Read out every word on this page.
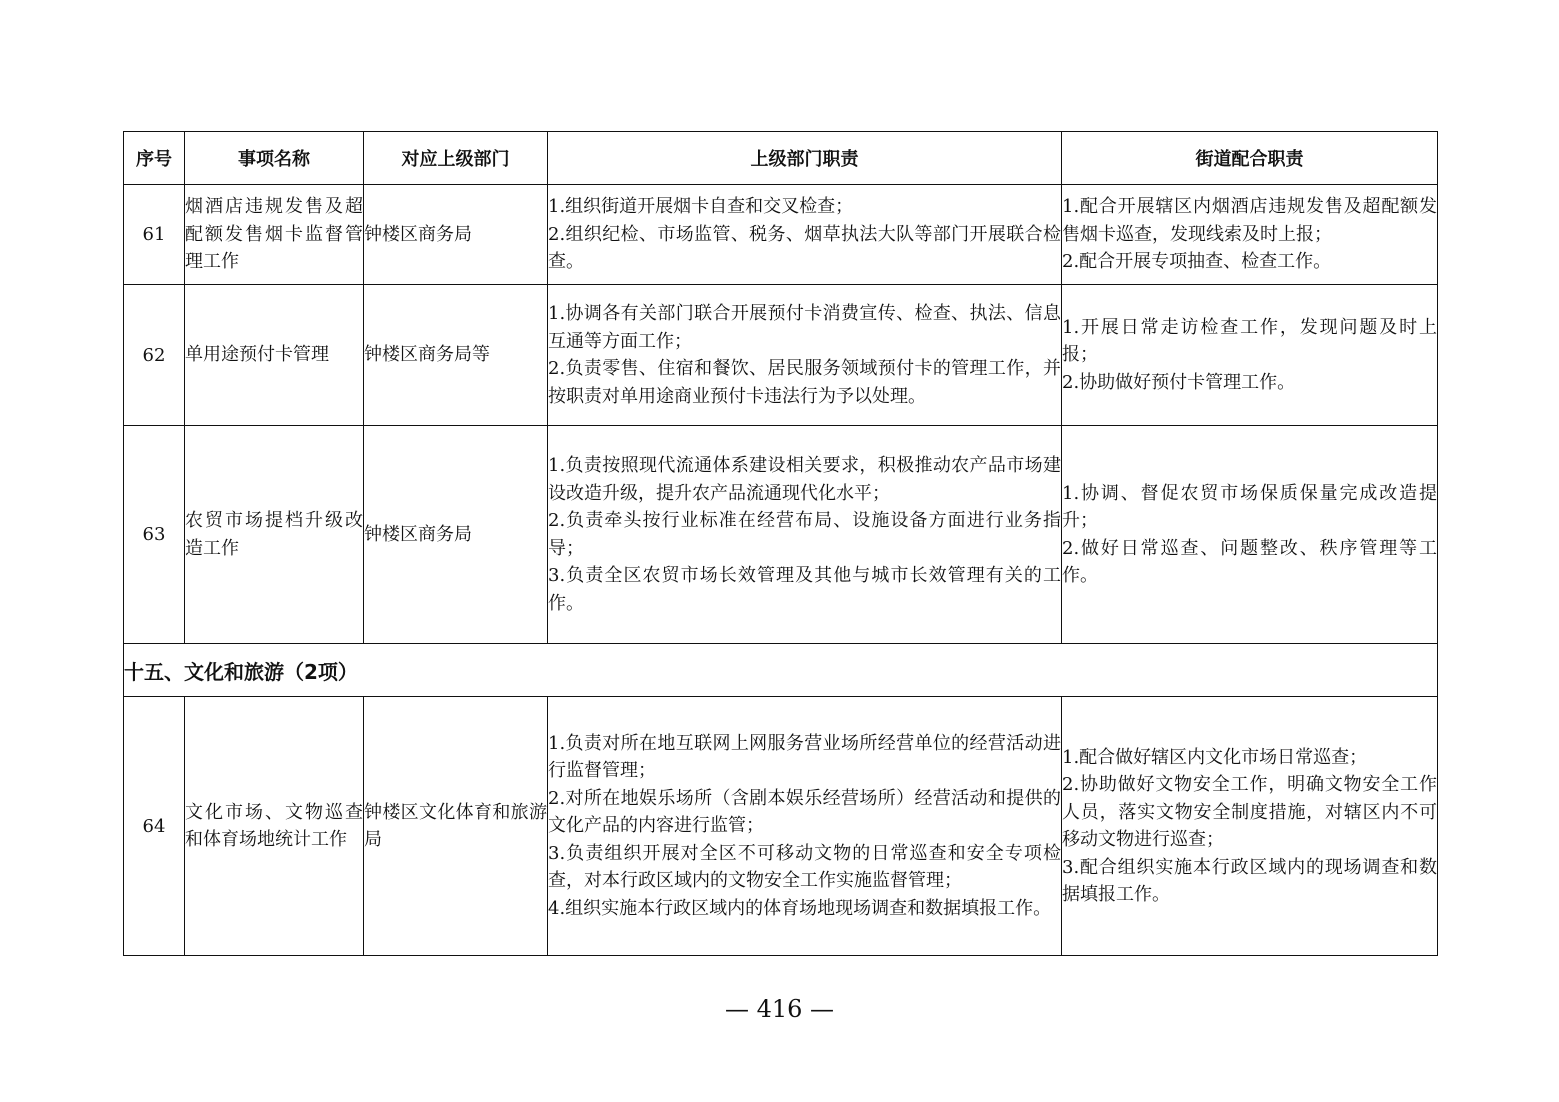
序号	事项名称	对应上级部门	上级部门职责	街道配合职责
61	烟酒店违规发售及超配额发售烟卡监督管理工作	钟楼区商务局	1.组织街道开展烟卡自查和交叉检查；
2.组织纪检、市场监管、税务、烟草执法大队等部门开展联合检查。	1.配合开展辖区内烟酒店违规发售及超配额发售烟卡巡查，发现线索及时上报；
2.配合开展专项抽查、检查工作。

62	单用途预付卡管理	钟楼区商务局等	1.协调各有关部门联合开展预付卡消费宣传、检查、执法、信息互通等方面工作；
2.负责零售、住宿和餐饮、居民服务领域预付卡的管理工作，并按职责对单用途商业预付卡违法行为予以处理。	1.开展日常走访检查工作，发现问题及时上报；
2.协助做好预付卡管理工作。

63	农贸市场提档升级改造工作	钟楼区商务局	1.负责按照现代流通体系建设相关要求，积极推动农产品市场建设改造升级，提升农产品流通现代化水平；
2.负责牵头按行业标准在经营布局、设施设备方面进行业务指导；
3.负责全区农贸市场长效管理及其他与城市长效管理有关的工作。	1.协调、督促农贸市场保质保量完成改造提升；
2.做好日常巡查、问题整改、秩序管理等工作。

十五、文化和旅游（2项）				
64	文化市场、文物巡查和体育场地统计工作	钟楼区文化体育和旅游局	1.负责对所在地互联网上网服务营业场所经营单位的经营活动进行监督管理；
2.对所在地娱乐场所（含剧本娱乐经营场所）经营活动和提供的文化产品的内容进行监管；
3.负责组织开展对全区不可移动文物的日常巡查和安全专项检查，对本行政区域内的文物安全工作实施监督管理；
4.组织实施本行政区域内的体育场地现场调查和数据填报工作。	1.配合做好辖区内文化市场日常巡查；
2.协助做好文物安全工作，明确文物安全工作人员，落实文物安全制度措施，对辖区内不可移动文物进行巡查；
3.配合组织实施本行政区域内的现场调查和数据填报工作。
— 416 —
